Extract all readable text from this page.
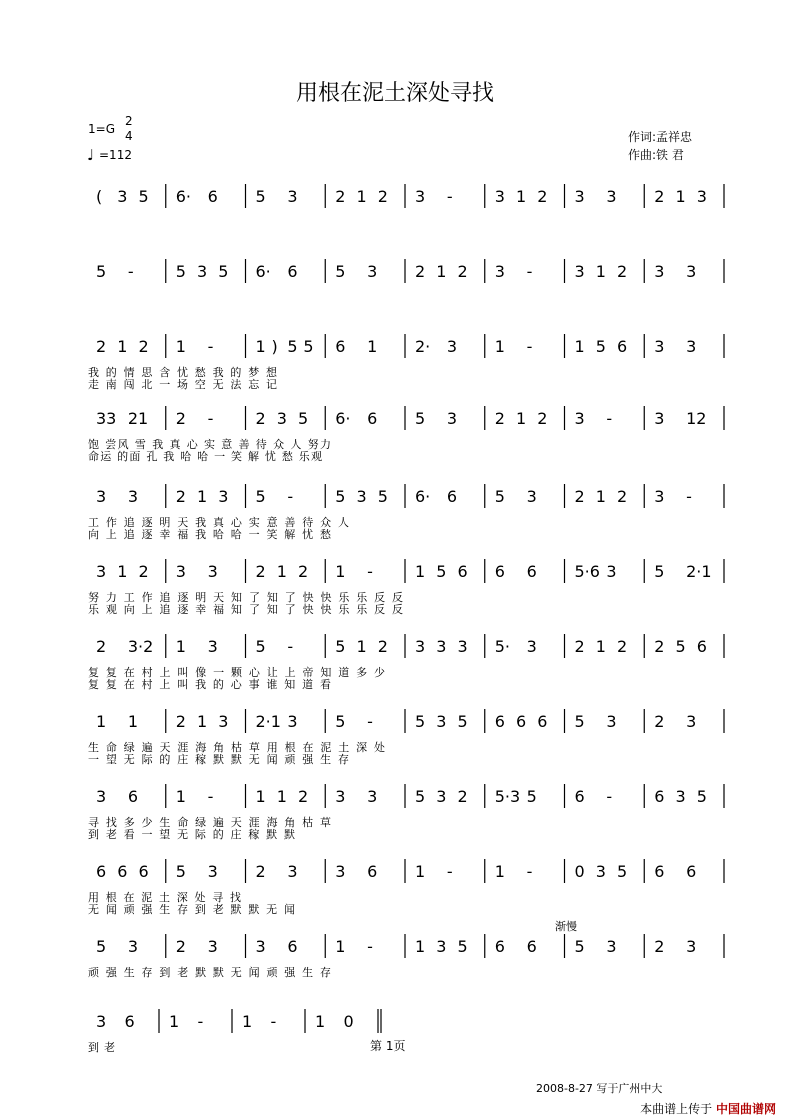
用根在泥土深处寻找
1=G
2
4
♩ =112
作词:孟祥忠
作曲:铁 君
( 3 5 6· 6 5 3 2 1 2 3 -	3 1 2 3 3 2 1 3
5 -	5 3 5 6· 6 5 3 2 1 2 3 -	3 1 2 3 3
2 1 2 1 -	1 ) 5 5 6 1 2· 3 1 -	1 5 6 3 3
我 的 情 思 含 忧 愁 我 的 梦 想
走 南 闯 北 一 场 空 无 法 忘 记
33 21 2 -	2 3 5 6· 6 5 3 2 1 2 3 -	3 12
饱 尝风 雪 我 真 心 实 意 善 待 众 人 努力
命运 的面 孔 我 哈 哈 一 笑 解 忧 愁 乐观
3 3 2 1 3 5 -	5 3 5 6· 6 5 3 2 1 2 3 -
工 作 追 逐 明 天 我 真 心 实 意 善 待 众 人
向 上 追 逐 幸 福 我 哈 哈 一 笑 解 忧 愁
3 1 2 3 3 2 1 2 1 -	1 5 6 6 6 5·6 3 5 2·1
努 力 工 作 追 逐 明 天 知 了 知 了 快 快 乐 乐 反 反
乐 观 向 上 追 逐 幸 福 知 了 知 了 快 快 乐 乐 反 反
2 3·2 1 3 5 -	5 1 2 3 3 3 5· 3 2 1 2 2 5 6
复 复 在 村 上 叫 像 一 颗 心 让 上 帝 知 道 多 少
复 复 在 村 上 叫 我 的 心 事 谁 知 道 看
1 1 2 1 3 2·1 3 5 -	5 3 5 6 6 6 5 3 2 3
生 命 绿 遍 天 涯 海 角 枯 草 用 根 在 泥 土 深 处
一 望 无 际 的 庄 稼 默 默 无 闻 顽 强 生 存
3 6 1 -	1 1 2 3 3 5 3 2 5·3 5 6 -	6 3 5
寻 找 多 少 生 命 绿 遍 天 涯 海 角 枯 草
到 老 看 一 望 无 际 的 庄 稼 默 默
6 6 6 5 3 2 3 3 6 1 -	1 -	0 3 5 6 6
用 根 在 泥 土 深 处 寻 找
无 闻 顽 强 生 存 到 老 默 默 无 闻
5 3 2 3 3 6 1 -	1 3 5 6 6 5 3 2 3
顽 强 生 存 到 老 默 默 无 闻 顽 强 生 存
3 6 1 - 1 - 1 0
到 老
渐慢
第 1页
2008-8-27 写于广州中大
本曲谱上传于 中国曲谱网
